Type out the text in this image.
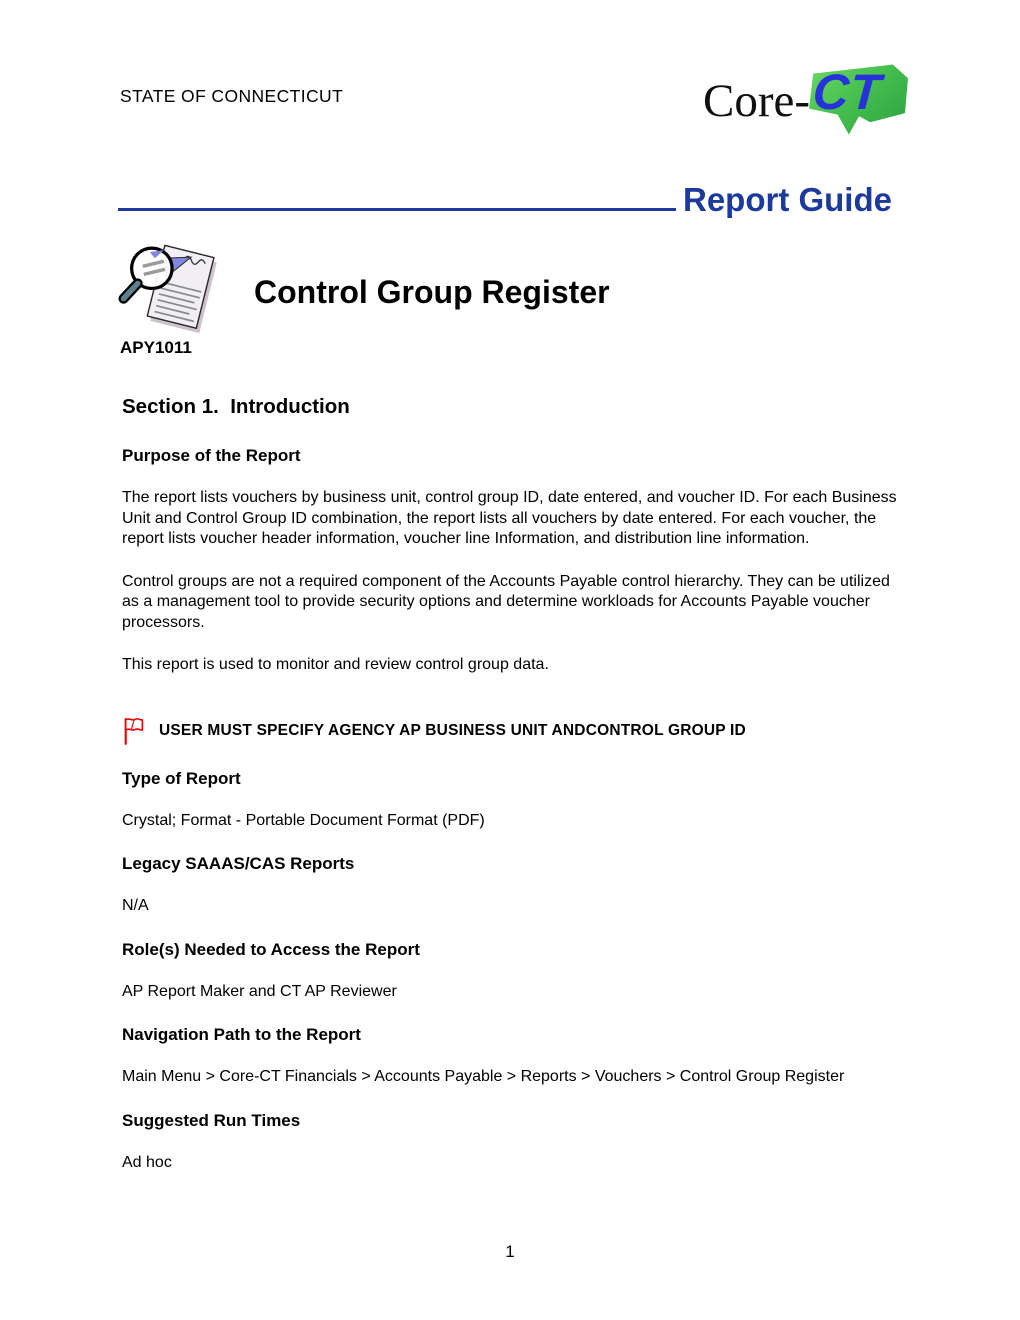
STATE OF CONNECTICUT	Core- CT
Report Guide
Control Group Register
APY1011
Section 1.  Introduction
Purpose of the Report

The report lists vouchers by business unit, control group ID, date entered, and voucher ID. For each Business Unit and Control Group ID combination, the report lists all vouchers by date entered. For each voucher, the report lists voucher header information, voucher line Information, and distribution line information.

Control groups are not a required component of the Accounts Payable control hierarchy. They can be utilized as a management tool to provide security options and determine workloads for Accounts Payable voucher processors.

This report is used to monitor and review control group data.

USER MUST SPECIFY AGENCY AP BUSINESS UNIT ANDCONTROL GROUP ID
Type of Report

Crystal; Format - Portable Document Format (PDF)

Legacy SAAAS/CAS Reports

N/A

Role(s) Needed to Access the Report

AP Report Maker and CT AP Reviewer

Navigation Path to the Report

Main Menu > Core-CT Financials > Accounts Payable > Reports > Vouchers > Control Group Register

Suggested Run Times

Ad hoc

1
